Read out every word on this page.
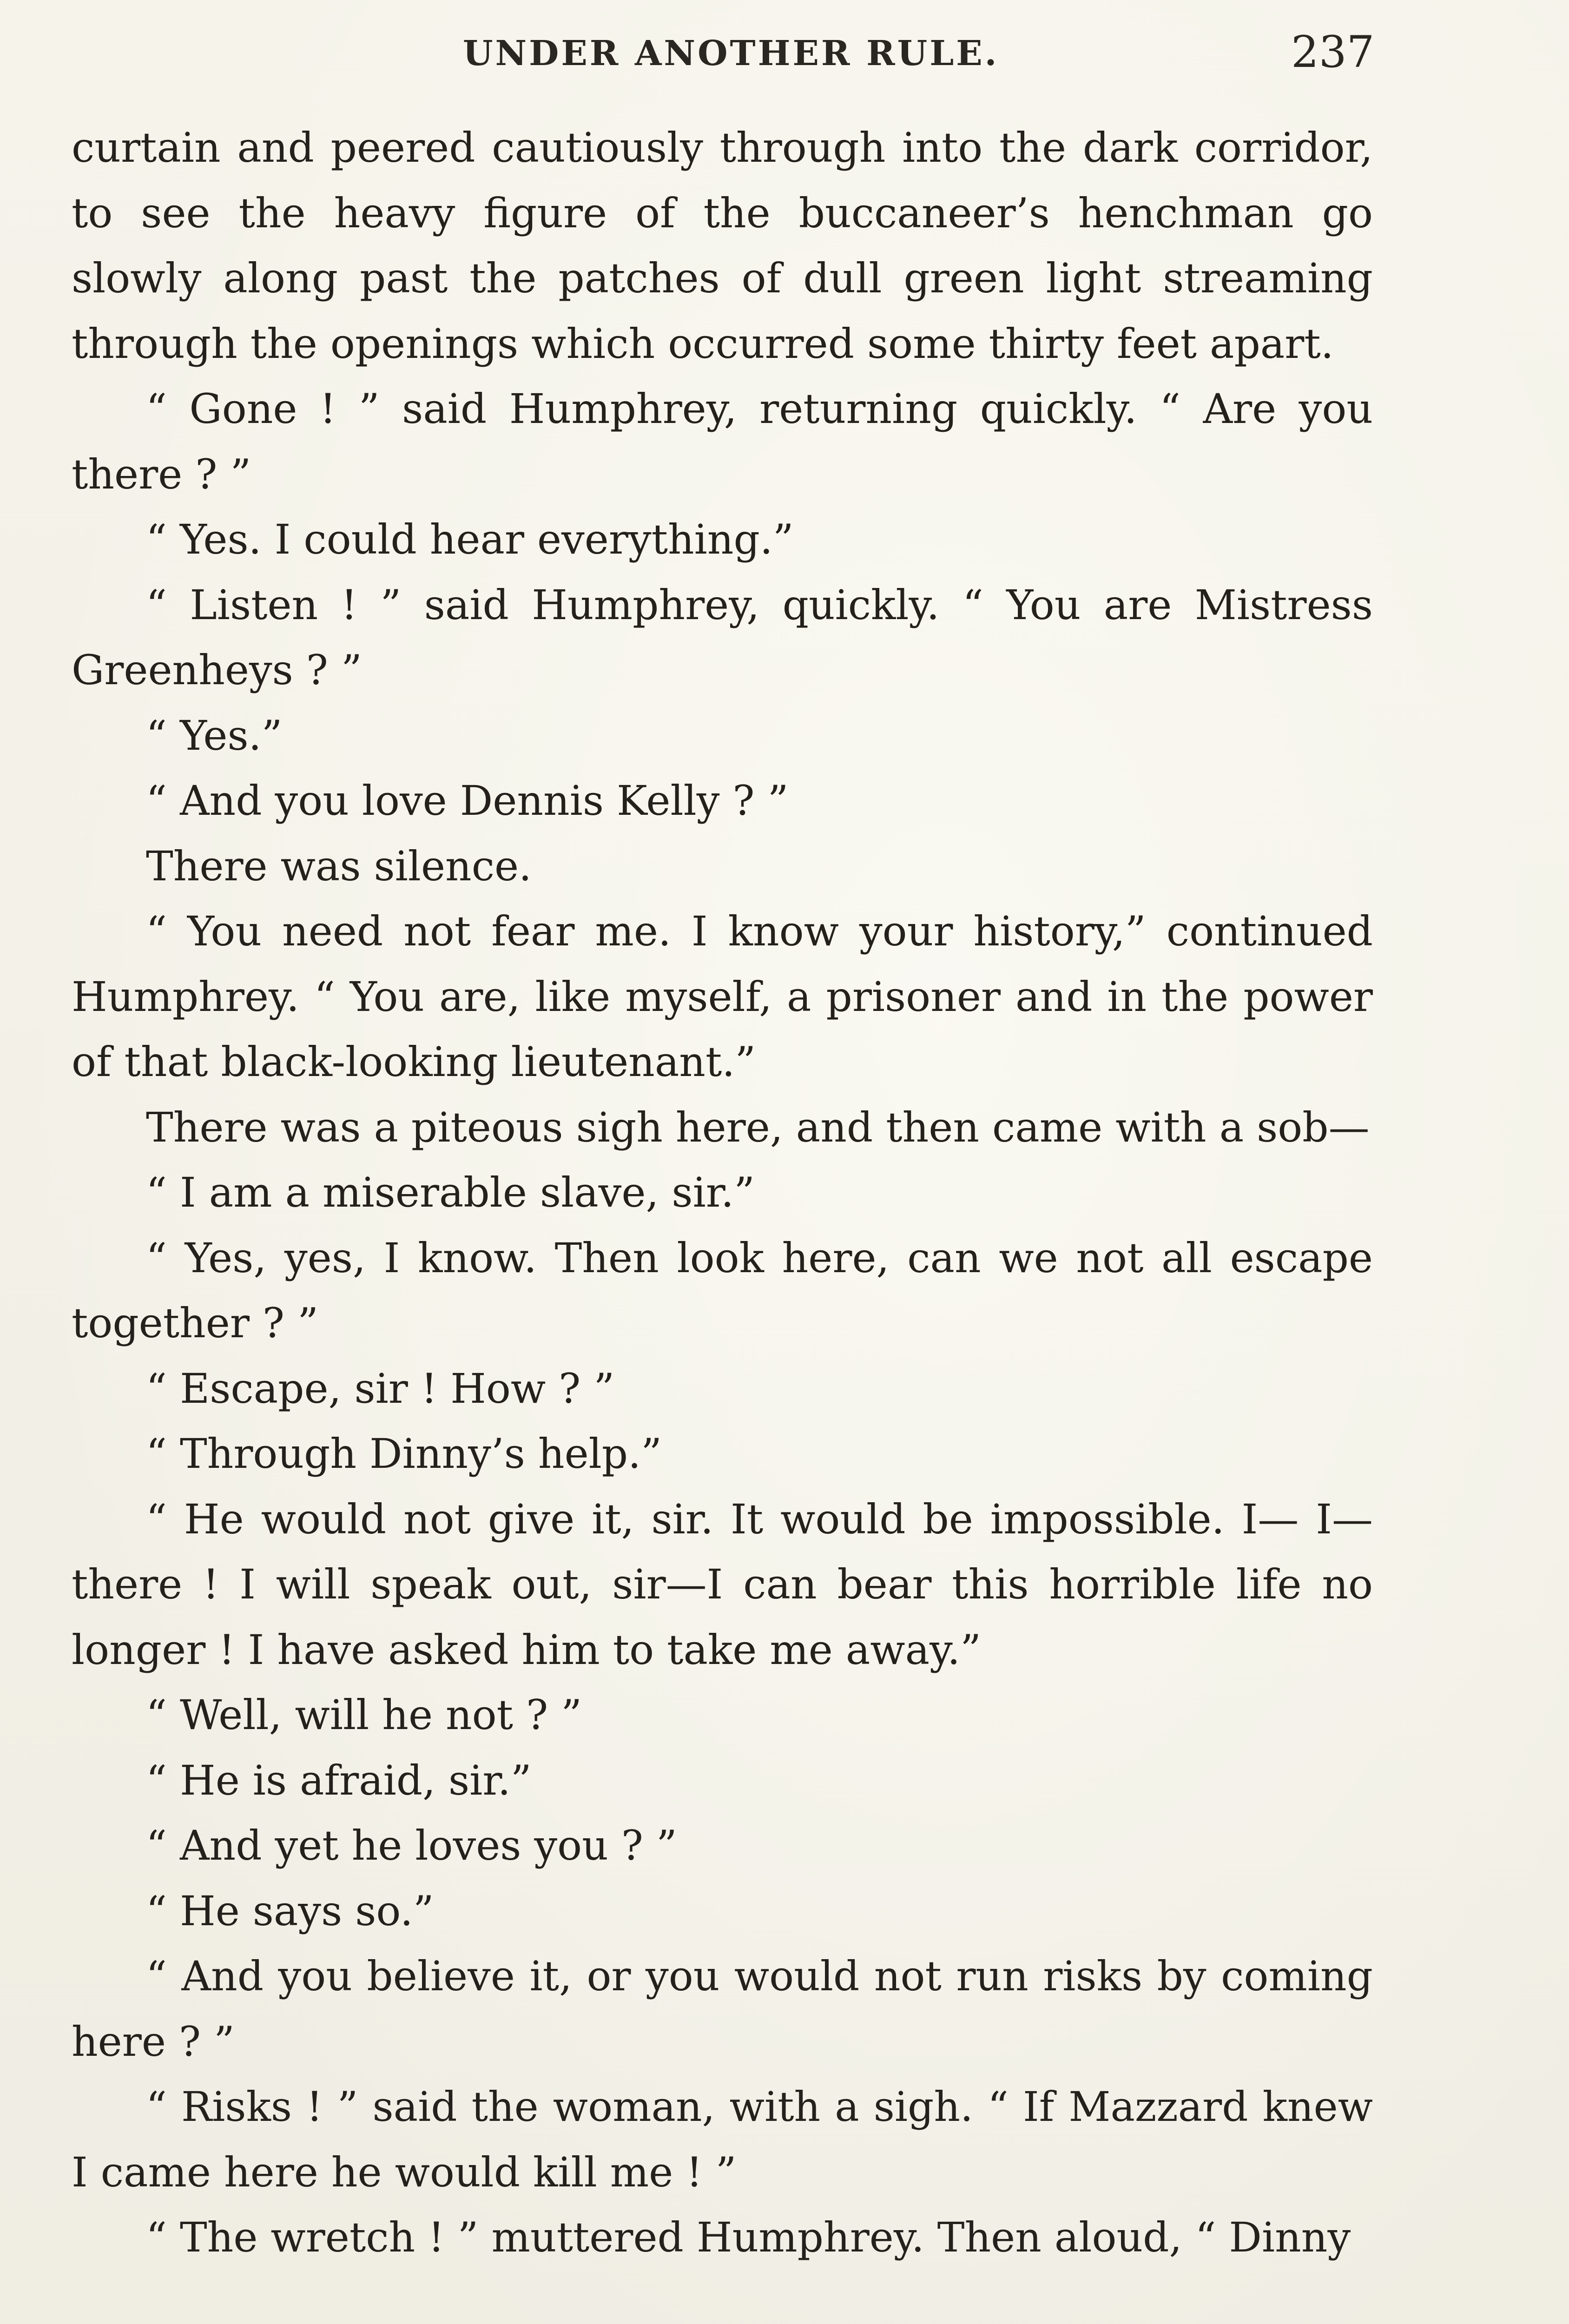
UNDER ANOTHER RULE.	237

curtain and peered cautiously through into the dark corridor, to see the heavy figure of the buccaneer’s henchman go slowly along past the patches of dull green light streaming through the openings which occurred some thirty feet apart.

“ Gone ! ” said Humphrey, returning quickly. “ Are you there ? ”

“ Yes. I could hear everything.”

“ Listen ! ” said Humphrey, quickly. “ You are Mistress Greenheys ? ”

“ Yes.”

“ And you love Dennis Kelly ? ”

There was silence.

“ You need not fear me. I know your history,” continued Humphrey. “ You are, like myself, a prisoner and in the power of that black-looking lieutenant.”

There was a piteous sigh here, and then came with a sob—

“ I am a miserable slave, sir.”

“ Yes, yes, I know. Then look here, can we not all escape together ? ”

“ Escape, sir ! How ? ”

“ Through Dinny’s help.”

“ He would not give it, sir. It would be impossible. I— I—there ! I will speak out, sir—I can bear this horrible life no longer ! I have asked him to take me away.”

“ Well, will he not ? ”

“ He is afraid, sir.”

“ And yet he loves you ? ”

“ He says so.”

“ And you believe it, or you would not run risks by coming here ? ”

“ Risks ! ” said the woman, with a sigh. “ If Mazzard knew I came here he would kill me ! ”

“ The wretch ! ” muttered Humphrey. Then aloud, “ Dinny
